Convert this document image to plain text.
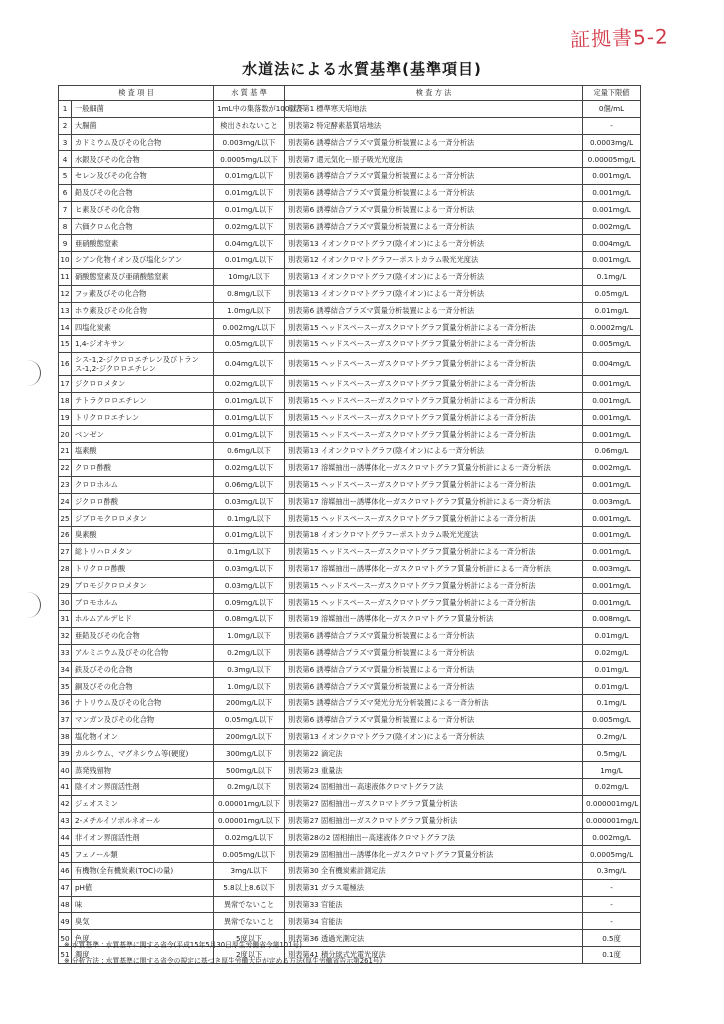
証拠書5-2
水道法による水質基準(基準項目)
検 査 項 目		水 質 基 準	検 査 方 法	定量下限値
1	一般細菌	1mL中の集落数が100以下	別表第1 標準寒天培地法	0個/mL
2	大腸菌	検出されないこと	別表第2 特定酵素基質培地法	-
3	カドミウム及びその化合物	0.003mg/L以下	別表第6 誘導結合プラズマ質量分析装置による一斉分析法	0.0003mg/L
4	水銀及びその化合物	0.0005mg/L以下	別表第7 還元気化ー原子吸光光度法	0.00005mg/L
5	セレン及びその化合物	0.01mg/L以下	別表第6 誘導結合プラズマ質量分析装置による一斉分析法	0.001mg/L
6	鉛及びその化合物	0.01mg/L以下	別表第6 誘導結合プラズマ質量分析装置による一斉分析法	0.001mg/L
7	ヒ素及びその化合物	0.01mg/L以下	別表第6 誘導結合プラズマ質量分析装置による一斉分析法	0.001mg/L
8	六価クロム化合物	0.02mg/L以下	別表第6 誘導結合プラズマ質量分析装置による一斉分析法	0.002mg/L
9	亜硝酸態窒素	0.04mg/L以下	別表第13 イオンクロマトグラフ(陰イオン)による一斉分析法	0.004mg/L
10	シアン化物イオン及び塩化シアン	0.01mg/L以下	別表第12 イオンクロマトグラフーポストカラム吸光光度法	0.001mg/L
11	硝酸態窒素及び亜硝酸態窒素	10mg/L以下	別表第13 イオンクロマトグラフ(陰イオン)による一斉分析法	0.1mg/L
12	フッ素及びその化合物	0.8mg/L以下	別表第13 イオンクロマトグラフ(陰イオン)による一斉分析法	0.05mg/L
13	ホウ素及びその化合物	1.0mg/L以下	別表第6 誘導結合プラズマ質量分析装置による一斉分析法	0.01mg/L
14	四塩化炭素	0.002mg/L以下	別表第15 ヘッドスペースーガスクロマトグラフ質量分析計による一斉分析法	0.0002mg/L
15	1,4-ジオキサン	0.05mg/L以下	別表第15 ヘッドスペースーガスクロマトグラフ質量分析計による一斉分析法	0.005mg/L
16	シス-1,2-ジクロロエチレン及びトランス-1,2-ジクロロエチレン	0.04mg/L以下	別表第15 ヘッドスペースーガスクロマトグラフ質量分析計による一斉分析法	0.004mg/L
17	ジクロロメタン	0.02mg/L以下	別表第15 ヘッドスペースーガスクロマトグラフ質量分析計による一斉分析法	0.001mg/L
18	テトラクロロエチレン	0.01mg/L以下	別表第15 ヘッドスペースーガスクロマトグラフ質量分析計による一斉分析法	0.001mg/L
19	トリクロロエチレン	0.01mg/L以下	別表第15 ヘッドスペースーガスクロマトグラフ質量分析計による一斉分析法	0.001mg/L
20	ベンゼン	0.01mg/L以下	別表第15 ヘッドスペースーガスクロマトグラフ質量分析計による一斉分析法	0.001mg/L
21	塩素酸	0.6mg/L以下	別表第13 イオンクロマトグラフ(陰イオン)による一斉分析法	0.06mg/L
22	クロロ酢酸	0.02mg/L以下	別表第17 溶媒抽出ー誘導体化ーガスクロマトグラフ質量分析計による一斉分析法	0.002mg/L
23	クロロホルム	0.06mg/L以下	別表第15 ヘッドスペースーガスクロマトグラフ質量分析計による一斉分析法	0.001mg/L
24	ジクロロ酢酸	0.03mg/L以下	別表第17 溶媒抽出ー誘導体化ーガスクロマトグラフ質量分析計による一斉分析法	0.003mg/L
25	ジブロモクロロメタン	0.1mg/L以下	別表第15 ヘッドスペースーガスクロマトグラフ質量分析計による一斉分析法	0.001mg/L
26	臭素酸	0.01mg/L以下	別表第18 イオンクロマトグラフーポストカラム吸光光度法	0.001mg/L
27	総トリハロメタン	0.1mg/L以下	別表第15 ヘッドスペースーガスクロマトグラフ質量分析計による一斉分析法	0.001mg/L
28	トリクロロ酢酸	0.03mg/L以下	別表第17 溶媒抽出ー誘導体化ーガスクロマトグラフ質量分析計による一斉分析法	0.003mg/L
29	ブロモジクロロメタン	0.03mg/L以下	別表第15 ヘッドスペースーガスクロマトグラフ質量分析計による一斉分析法	0.001mg/L
30	ブロモホルム	0.09mg/L以下	別表第15 ヘッドスペースーガスクロマトグラフ質量分析計による一斉分析法	0.001mg/L
31	ホルムアルデヒド	0.08mg/L以下	別表第19 溶媒抽出ー誘導体化ーガスクロマトグラフ質量分析法	0.008mg/L
32	亜鉛及びその化合物	1.0mg/L以下	別表第6 誘導結合プラズマ質量分析装置による一斉分析法	0.01mg/L
33	アルミニウム及びその化合物	0.2mg/L以下	別表第6 誘導結合プラズマ質量分析装置による一斉分析法	0.02mg/L
34	鉄及びその化合物	0.3mg/L以下	別表第6 誘導結合プラズマ質量分析装置による一斉分析法	0.01mg/L
35	銅及びその化合物	1.0mg/L以下	別表第6 誘導結合プラズマ質量分析装置による一斉分析法	0.01mg/L
36	ナトリウム及びその化合物	200mg/L以下	別表第5 誘導結合プラズマ発光分光分析装置による一斉分析法	0.1mg/L
37	マンガン及びその化合物	0.05mg/L以下	別表第6 誘導結合プラズマ質量分析装置による一斉分析法	0.005mg/L
38	塩化物イオン	200mg/L以下	別表第13 イオンクロマトグラフ(陰イオン)による一斉分析法	0.2mg/L
39	カルシウム、マグネシウム等(硬度)	300mg/L以下	別表第22 滴定法	0.5mg/L
40	蒸発残留物	500mg/L以下	別表第23 重量法	1mg/L
41	陰イオン界面活性剤	0.2mg/L以下	別表第24 固相抽出ー高速液体クロマトグラフ法	0.02mg/L
42	ジェオスミン	0.00001mg/L以下	別表第27 固相抽出ーガスクロマトグラフ質量分析法	0.000001mg/L
43	2-メチルイソボルネオール	0.00001mg/L以下	別表第27 固相抽出ーガスクロマトグラフ質量分析法	0.000001mg/L
44	非イオン界面活性剤	0.02mg/L以下	別表第28の2 固相抽出ー高速液体クロマトグラフ法	0.002mg/L
45	フェノール類	0.005mg/L以下	別表第29 固相抽出ー誘導体化ーガスクロマトグラフ質量分析法	0.0005mg/L
46	有機物(全有機炭素(TOC)の量)	3mg/L以下	別表第30 全有機炭素計測定法	0.3mg/L
47	pH値	5.8以上8.6以下	別表第31 ガラス電極法	-
48	味	異常でないこと	別表第33 官能法	-
49	臭気	異常でないこと	別表第34 官能法	-
50	色度	5度以下	別表第36 透過光測定法	0.5度
51	濁度	2度以下	別表第41 積分球式光電光度法	0.1度
※ 水質基準 : 水質基準に関する省令(平成15年5月30日厚生労働省令第101号)
※ 分析方法 : 水質基準に関する省令の規定に基づき厚生労働大臣が定める方法(厚生労働省告示第261号)
